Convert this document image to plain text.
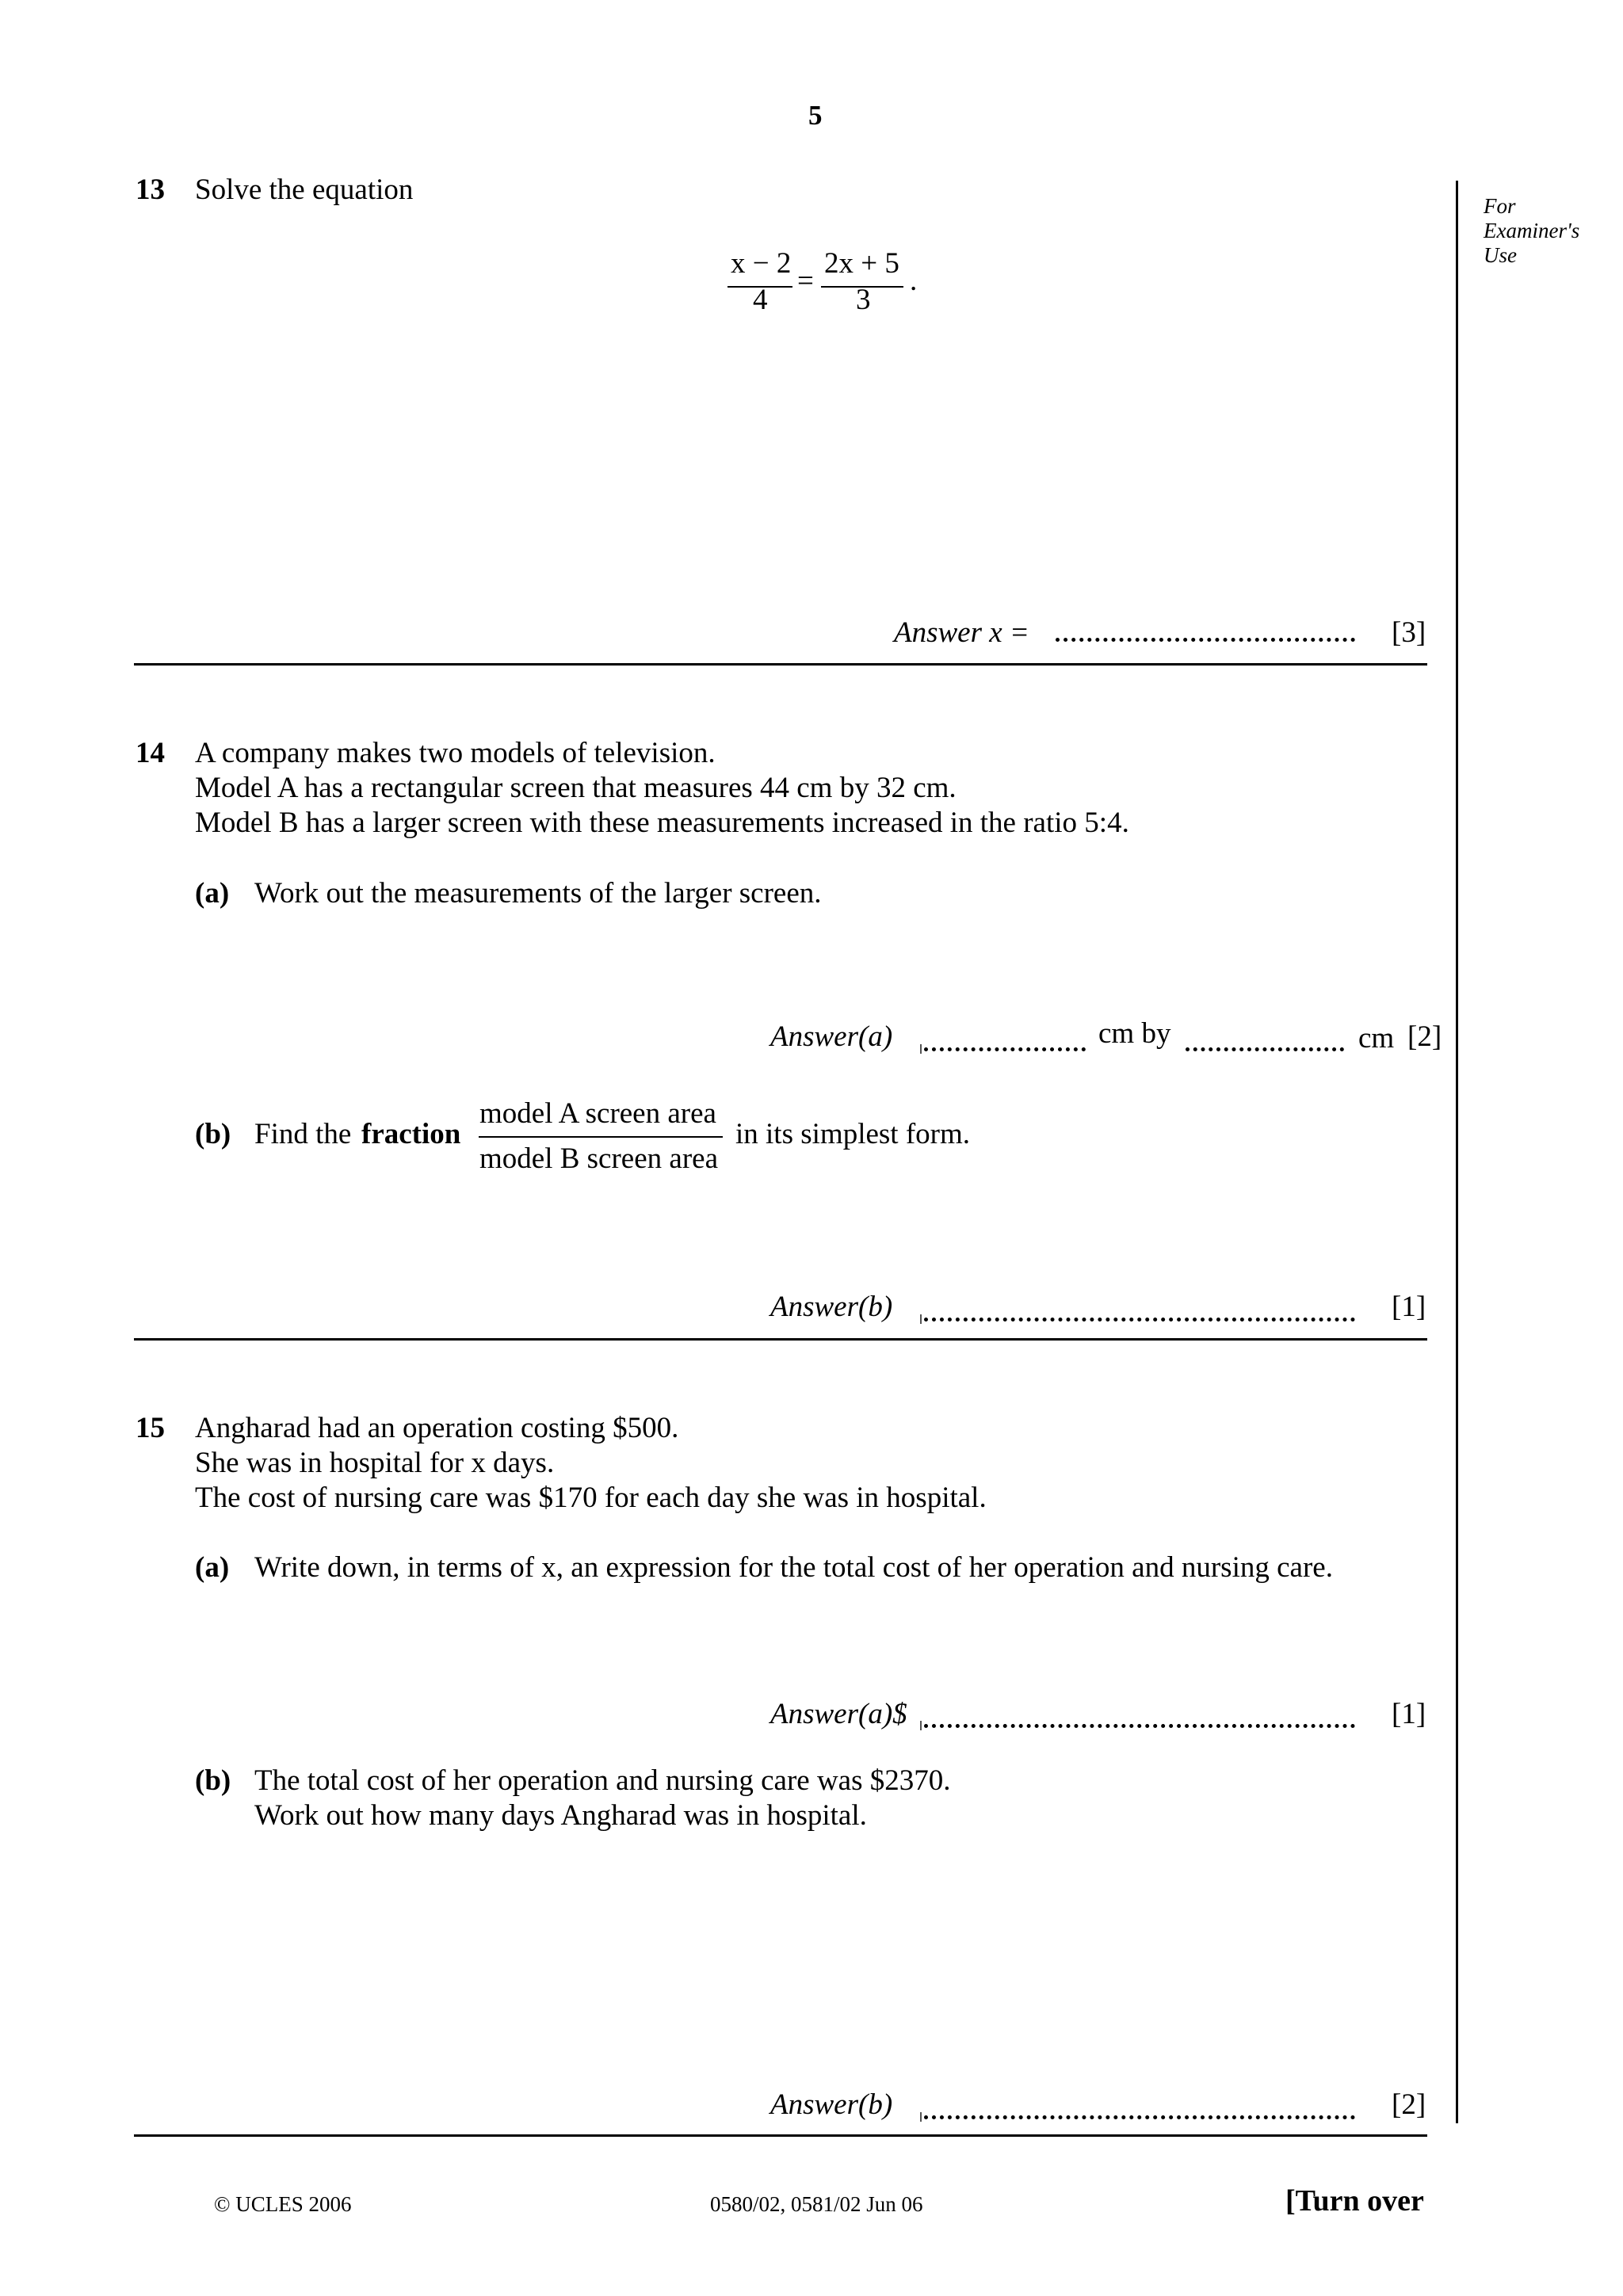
5
For
Examiner's
Use
13 Solve the equation
x − 2
4
=
2x + 5
3
.
Answer x =	[3]
14 A company makes two models of television.
Model A has a rectangular screen that measures 44 cm by 32 cm.
Model B has a larger screen with these measurements increased in the ratio 5:4.
(a) Work out the measurements of the larger screen.
Answer(a)	cm by	cm [2]
(b) Find the fraction
model A screen area
model B screen area
in its simplest form.
Answer(b)	[1]
15 Angharad had an operation costing $500.
She was in hospital for x days.
The cost of nursing care was $170 for each day she was in hospital.
(a) Write down, in terms of x, an expression for the total cost of her operation and nursing care.
Answer(a)$	[1]
(b) The total cost of her operation and nursing care was $2370.
Work out how many days Angharad was in hospital.
Answer(b)	[2]
© UCLES 2006	0580/02, 0581/02 Jun 06	[Turn over
